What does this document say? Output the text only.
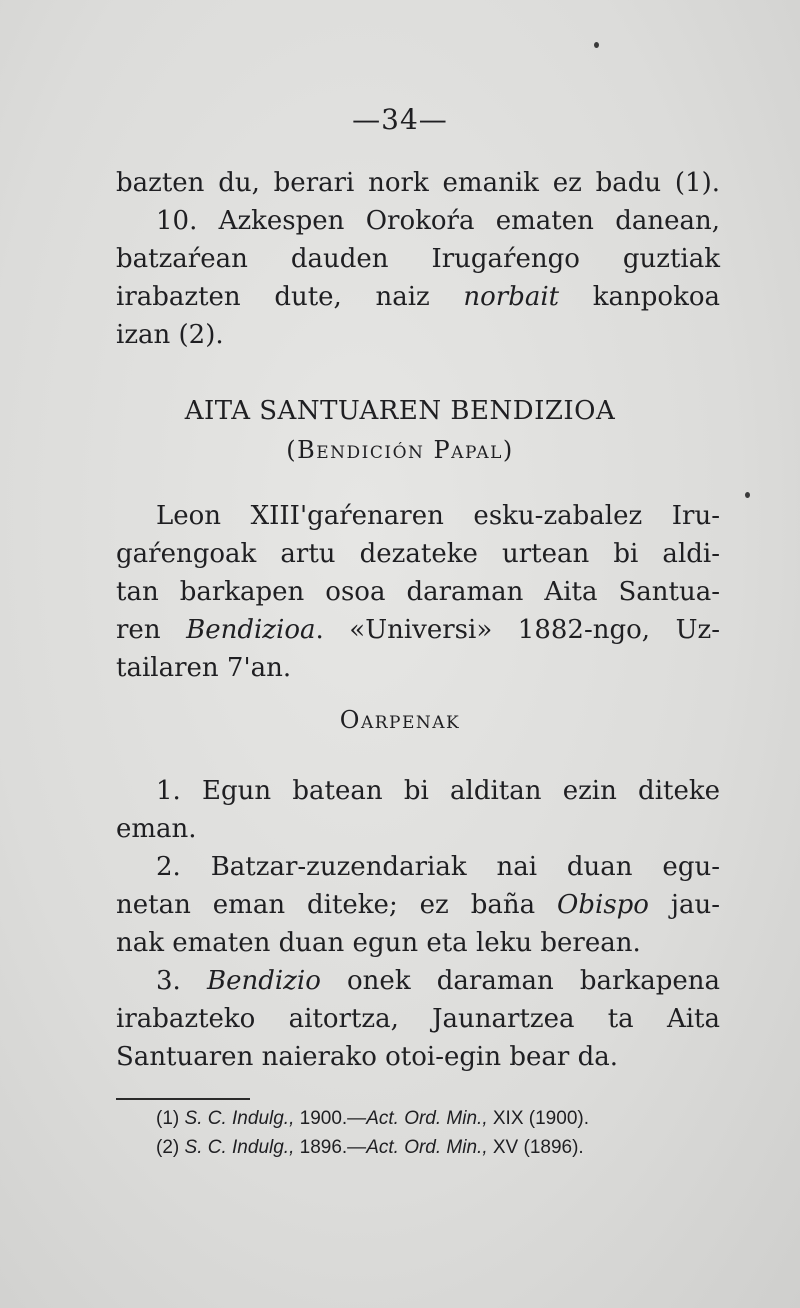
—34—
bazten du, berari nork emanik ez badu (1).
10. Azkespen Orokoŕa ematen danean,
batzaŕean dauden Irugaŕengo guztiak
irabazten dute, naiz norbait kanpokoa
izan (2).
AITA SANTUAREN BENDIZIOA
(Bendición Papal)
Leon XIII'gaŕenaren esku-zabalez Iru-
gaŕengoak artu dezateke urtean bi aldi-
tan barkapen osoa daraman Aita Santua-
ren Bendizioa. «Universi» 1882-ngo, Uz-
tailaren 7'an.
Oarpenak
1. Egun batean bi alditan ezin diteke
eman.
2. Batzar-zuzendariak nai duan egu-
netan eman diteke; ez baña Obispo jau-
nak ematen duan egun eta leku berean.
3. Bendizio onek daraman barkapena
irabazteko aitortza, Jaunartzea ta Aita
Santuaren naierako otoi-egin bear da.
(1) S. C. Indulg., 1900.—Act. Ord. Min., XIX (1900).
(2) S. C. Indulg., 1896.—Act. Ord. Min., XV (1896).
